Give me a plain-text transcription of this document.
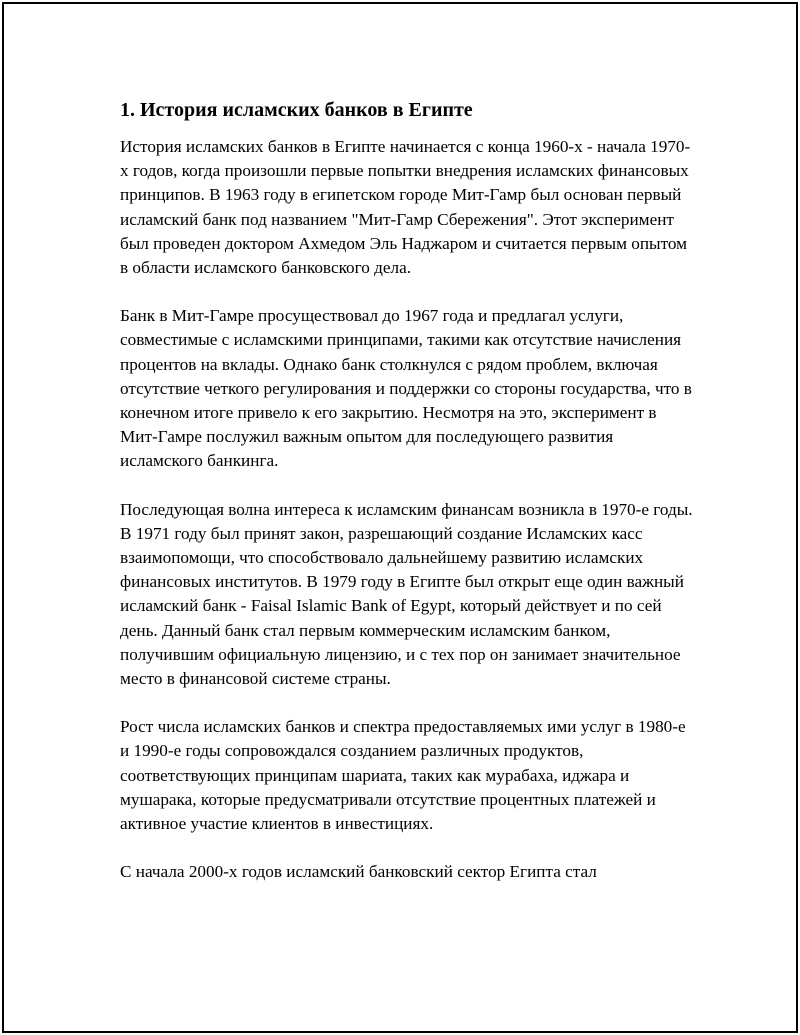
1. История исламских банков в Египте

История исламских банков в Египте начинается с конца 1960-х - начала 1970-х годов, когда произошли первые попытки внедрения исламских финансовых принципов. В 1963 году в египетском городе Мит-Гамр был основан первый исламский банк под названием "Мит-Гамр Сбережения". Этот эксперимент был проведен доктором Ахмедом Эль Наджаром и считается первым опытом в области исламского банковского дела.

Банк в Мит-Гамре просуществовал до 1967 года и предлагал услуги, совместимые с исламскими принципами, такими как отсутствие начисления процентов на вклады. Однако банк столкнулся с рядом проблем, включая отсутствие четкого регулирования и поддержки со стороны государства, что в конечном итоге привело к его закрытию. Несмотря на это, эксперимент в Мит-Гамре послужил важным опытом для последующего развития исламского банкинга.

Последующая волна интереса к исламским финансам возникла в 1970-е годы. В 1971 году был принят закон, разрешающий создание Исламских касс взаимопомощи, что способствовало дальнейшему развитию исламских финансовых институтов. В 1979 году в Египте был открыт еще один важный исламский банк - Faisal Islamic Bank of Egypt, который действует и по сей день. Данный банк стал первым коммерческим исламским банком, получившим официальную лицензию, и с тех пор он занимает значительное место в финансовой системе страны.

Рост числа исламских банков и спектра предоставляемых ими услуг в 1980-е и 1990-е годы сопровождался созданием различных продуктов, соответствующих принципам шариата, таких как мурабаха, иджара и мушарака, которые предусматривали отсутствие процентных платежей и активное участие клиентов в инвестициях.

С начала 2000-х годов исламский банковский сектор Египта стал
